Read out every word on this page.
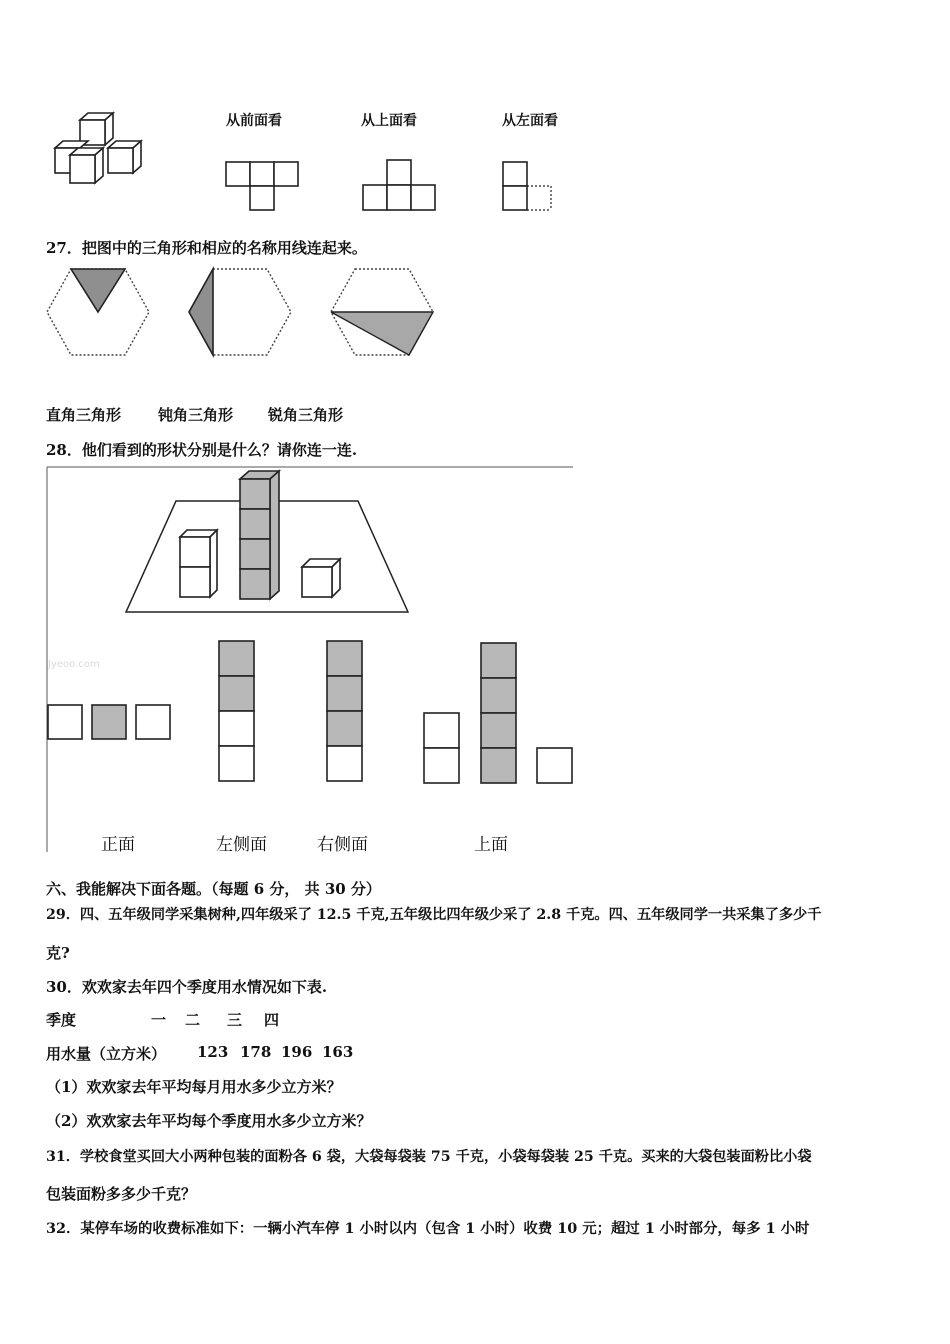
从前面看	从上面看	从左面看
27．把图中的三角形和相应的名称用线连起来。
直角三角形 钝角三角形 锐角三角形
28．他们看到的形状分别是什么？请你连一连.
Jyeoo.com
正面	左侧面	右侧面	上面
六、我能解决下面各题。（每题 6 分， 共 30 分）
29．四、五年级同学采集树种,四年级采了 12.5 千克,五年级比四年级少采了 2.8 千克。四、五年级同学一共采集了多少千
克?
30．欢欢家去年四个季度用水情况如下表.
季度	一 二 三 四
用水量（立方米） 123 178 196 163
（1）欢欢家去年平均每月用水多少立方米？
（2）欢欢家去年平均每个季度用水多少立方米？
31．学校食堂买回大小两种包装的面粉各 6 袋，大袋每袋装 75 千克，小袋每袋装 25 千克。买来的大袋包装面粉比小袋
包装面粉多多少千克？
32．某停车场的收费标准如下：一辆小汽车停 1 小时以内（包含 1 小时）收费 10 元；超过 1 小时部分，每多 1 小时
